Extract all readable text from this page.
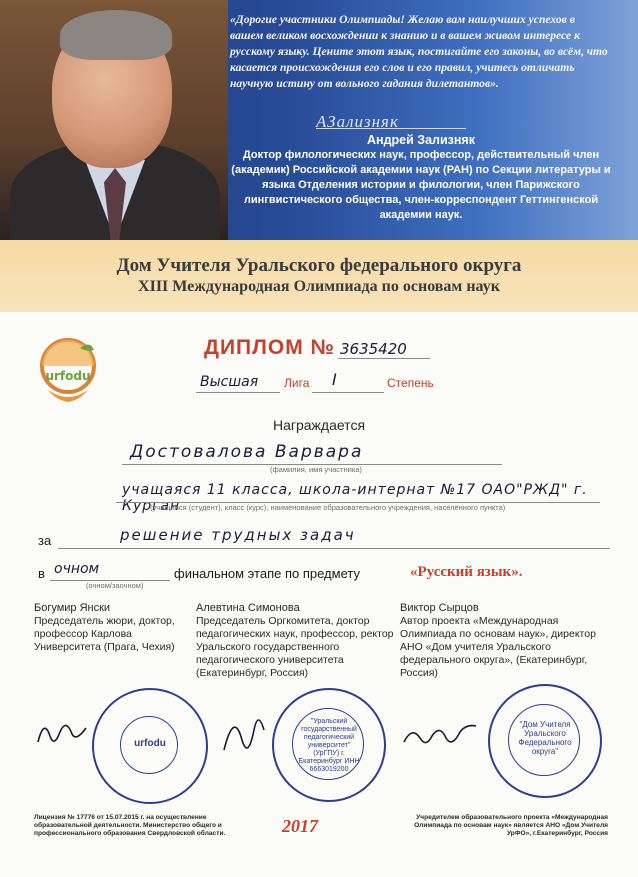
«Дорогие участники Олимпиады! Желаю вам наилучших успехов в вашем великом восхождении к знанию и в вашем живом интересе к русскому языку. Цените этот язык, постигайте его законы, во всём, что касается происхождения его слов и его правил, учитесь отличать научную истину от вольного гадания дилетантов».
АЗализняк
Андрей Зализняк
Доктор филологических наук, профессор, действительный член (академик) Российской академии наук (РАН) по Секции литературы и языка Отделения истории и филологии, член Парижского лингвистического общества, член-корреспондент Геттингенской академии наук.
Дом Учителя Уральского федерального округа
XIII Международная Олимпиада по основам наук
urfodu
ДИПЛОМ № 3635420
Высшая Лига I	Степень
Награждается
Достовалова Варвара
(фамилия, имя участника)
учащаяся 11 класса, школа-интернат №17 ОАО"РЖД" г. Курган
(учащийся (студент), класс (курс), наименование образовательного учреждения, населённого пункта)
за	решение трудных задач
в очном
(очном/заочном)
финальном этапе по предмету	«Русский язык».
Богумир Янски
Председатель жюри, доктор, профессор Карлова Университета (Прага, Чехия)
Алевтина Симонова
Председатель Оргкомитета, доктор педагогических наук, профессор, ректор Уральского государственного педагогического университета (Екатеринбург, Россия)
Виктор Сырцов
Автор проекта «Международная Олимпиада по основам наук», директор АНО «Дом учителя Уральского федерального округа», (Екатеринбург, Россия)
urfodu
"Уральский государственный педагогический университет" (УрГПУ) г. Екатеринбург ИНН 6663019200
"Дом Учителя Уральского Федерального округа"
Лицензия № 17776 от 15.07.2015 г. на осуществление образовательной деятельности. Министерство общего и профессионального образования Свердловской области.	2017	Учредителем образовательного проекта «Международная Олимпиада по основам наук» является АНО «Дом Учителя УрФО», г.Екатеринбург, Россия
